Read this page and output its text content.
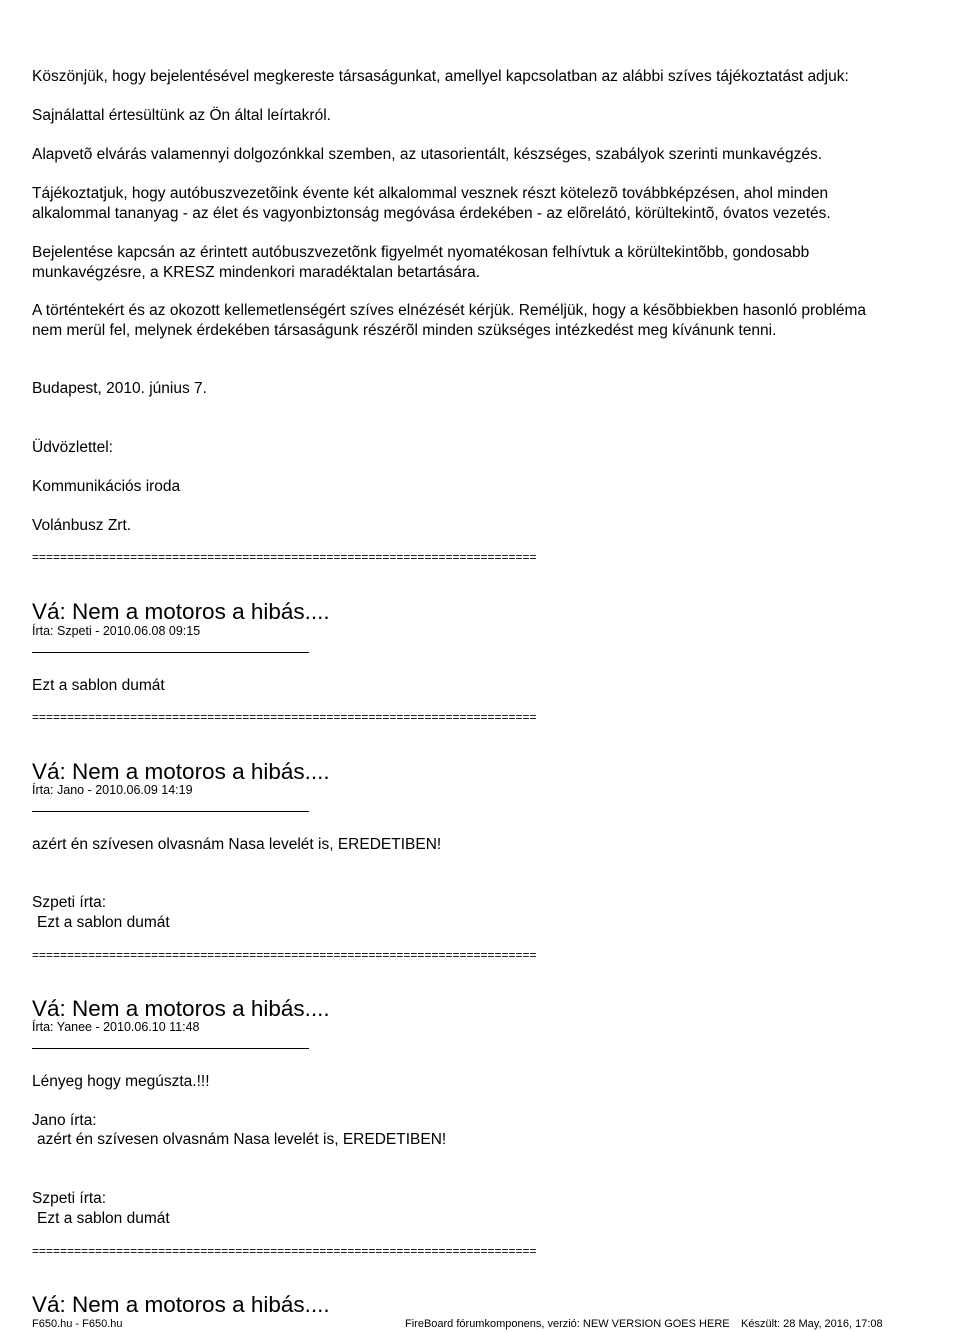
Köszönjük, hogy bejelentésével megkereste társaságunkat, amellyel kapcsolatban az alábbi szíves tájékoztatást adjuk:

Sajnálattal értesültünk az Ön által leírtakról.

Alapvetõ elvárás valamennyi dolgozónkkal szemben, az utasorientált, készséges, szabályok szerinti munkavégzés.

Tájékoztatjuk, hogy autóbuszvezetõink évente két alkalommal vesznek részt kötelezõ továbbképzésen, ahol minden alkalommal tananyag - az élet és vagyonbiztonság megóvása érdekében - az elõrelátó, körültekintõ, óvatos vezetés.

Bejelentése kapcsán az érintett autóbuszvezetõnk figyelmét nyomatékosan felhívtuk a körültekintõbb, gondosabb munkavégzésre, a KRESZ mindenkori maradéktalan betartására.

A történtekért és az okozott kellemetlenségért szíves elnézését kérjük. Reméljük, hogy a késõbbiekben hasonló probléma nem merül fel, melynek érdekében társaságunk részérõl minden szükséges intézkedést meg kívánunk tenni.

Budapest, 2010. június 7.

Üdvözlettel:

Kommunikációs iroda

Volánbusz Zrt.

========================================================================
Vá: Nem a motoros a hibás....
Írta: Szpeti - 2010.06.08 09:15

Ezt a sablon dumát

========================================================================
Vá: Nem a motoros a hibás....
Írta: Jano - 2010.06.09 14:19

azért én szívesen olvasnám Nasa levelét is, EREDETIBEN!

Szpeti írta:

Ezt a sablon dumát

========================================================================
Vá: Nem a motoros a hibás....
Írta: Yanee - 2010.06.10 11:48

Lényeg hogy megúszta.!!!

Jano írta:

azért én szívesen olvasnám Nasa levelét is, EREDETIBEN!

Szpeti írta:

Ezt a sablon dumát

========================================================================
Vá: Nem a motoros a hibás....
F650.hu - F650.hu	FireBoard fórumkomponens, verzió: NEW VERSION GOES HERE Készült: 28 May, 2016, 17:08
